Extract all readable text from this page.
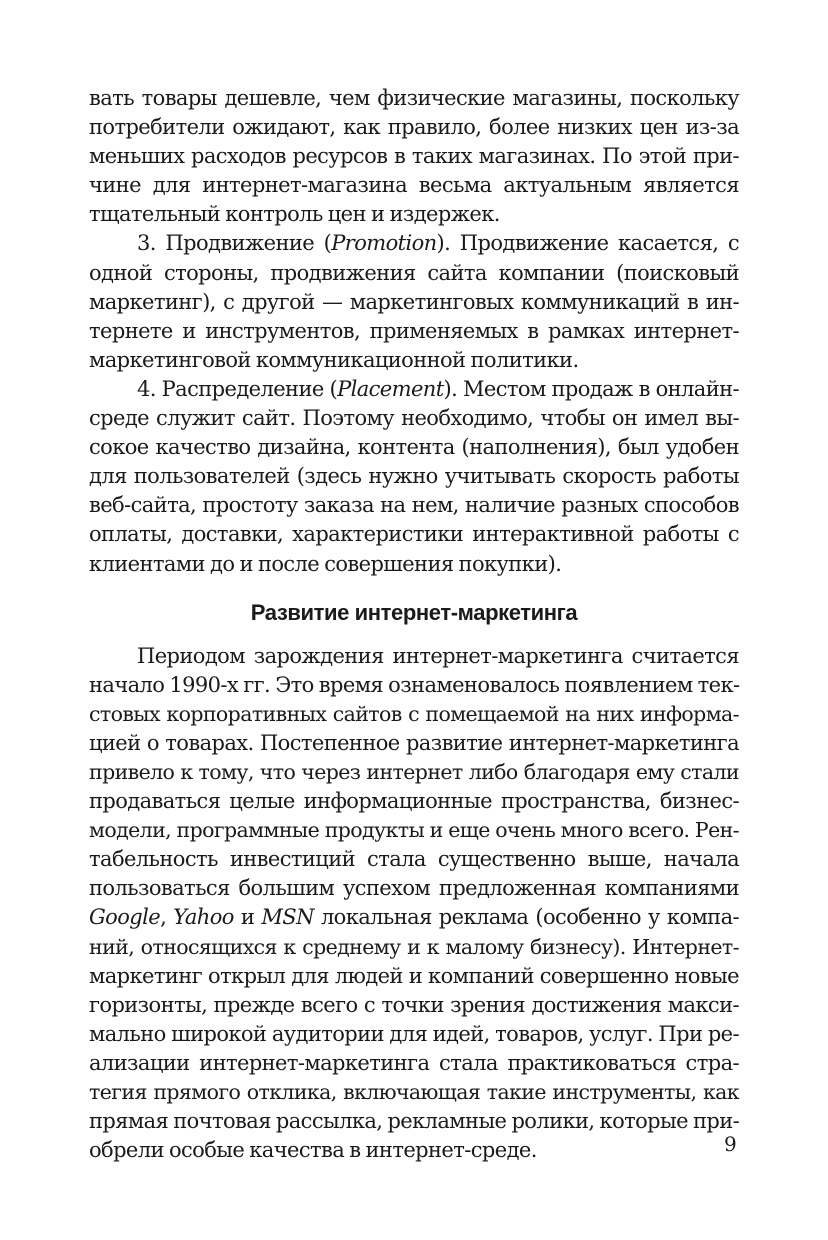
вать товары дешевле, чем физические магазины, поскольку
потребители ожидают, как правило, более низких цен из-за
меньших расходов ресурсов в таких магазинах. По этой при-
чине для интернет-магазина весьма актуальным является
тщательный контроль цен и издержек.
3. Продвижение (Promotion). Продвижение касается, с
одной стороны, продвижения сайта компании (поисковый
маркетинг), с другой — маркетинговых коммуникаций в ин-
тернете и инструментов, применяемых в рамках интернет-
маркетинговой коммуникационной политики.
4. Распределение (Placement). Местом продаж в онлайн-
среде служит сайт. Поэтому необходимо, чтобы он имел вы-
сокое качество дизайна, контента (наполнения), был удобен
для пользователей (здесь нужно учитывать скорость работы
веб-сайта, простоту заказа на нем, наличие разных способов
оплаты, доставки, характеристики интерактивной работы с
клиентами до и после совершения покупки).
Развитие интернет-маркетинга
Периодом зарождения интернет-маркетинга считается
начало 1990-х гг. Это время ознаменовалось появлением тек-
стовых корпоративных сайтов с помещаемой на них информа-
цией о товарах. Постепенное развитие интернет-маркетинга
привело к тому, что через интернет либо благодаря ему стали
продаваться целые информационные пространства, бизнес-
модели, программные продукты и еще очень много всего. Рен-
табельность инвестиций стала существенно выше, начала
пользоваться большим успехом предложенная компаниями
Google, Yahoo и MSN локальная реклама (особенно у компа-
ний, относящихся к среднему и к малому бизнесу). Интернет-
маркетинг открыл для людей и компаний совершенно новые
горизонты, прежде всего с точки зрения достижения макси-
мально широкой аудитории для идей, товаров, услуг. При ре-
ализации интернет-маркетинга стала практиковаться стра-
тегия прямого отклика, включающая такие инструменты, как
прямая почтовая рассылка, рекламные ролики, которые при-
обрели особые качества в интернет-среде.	9
